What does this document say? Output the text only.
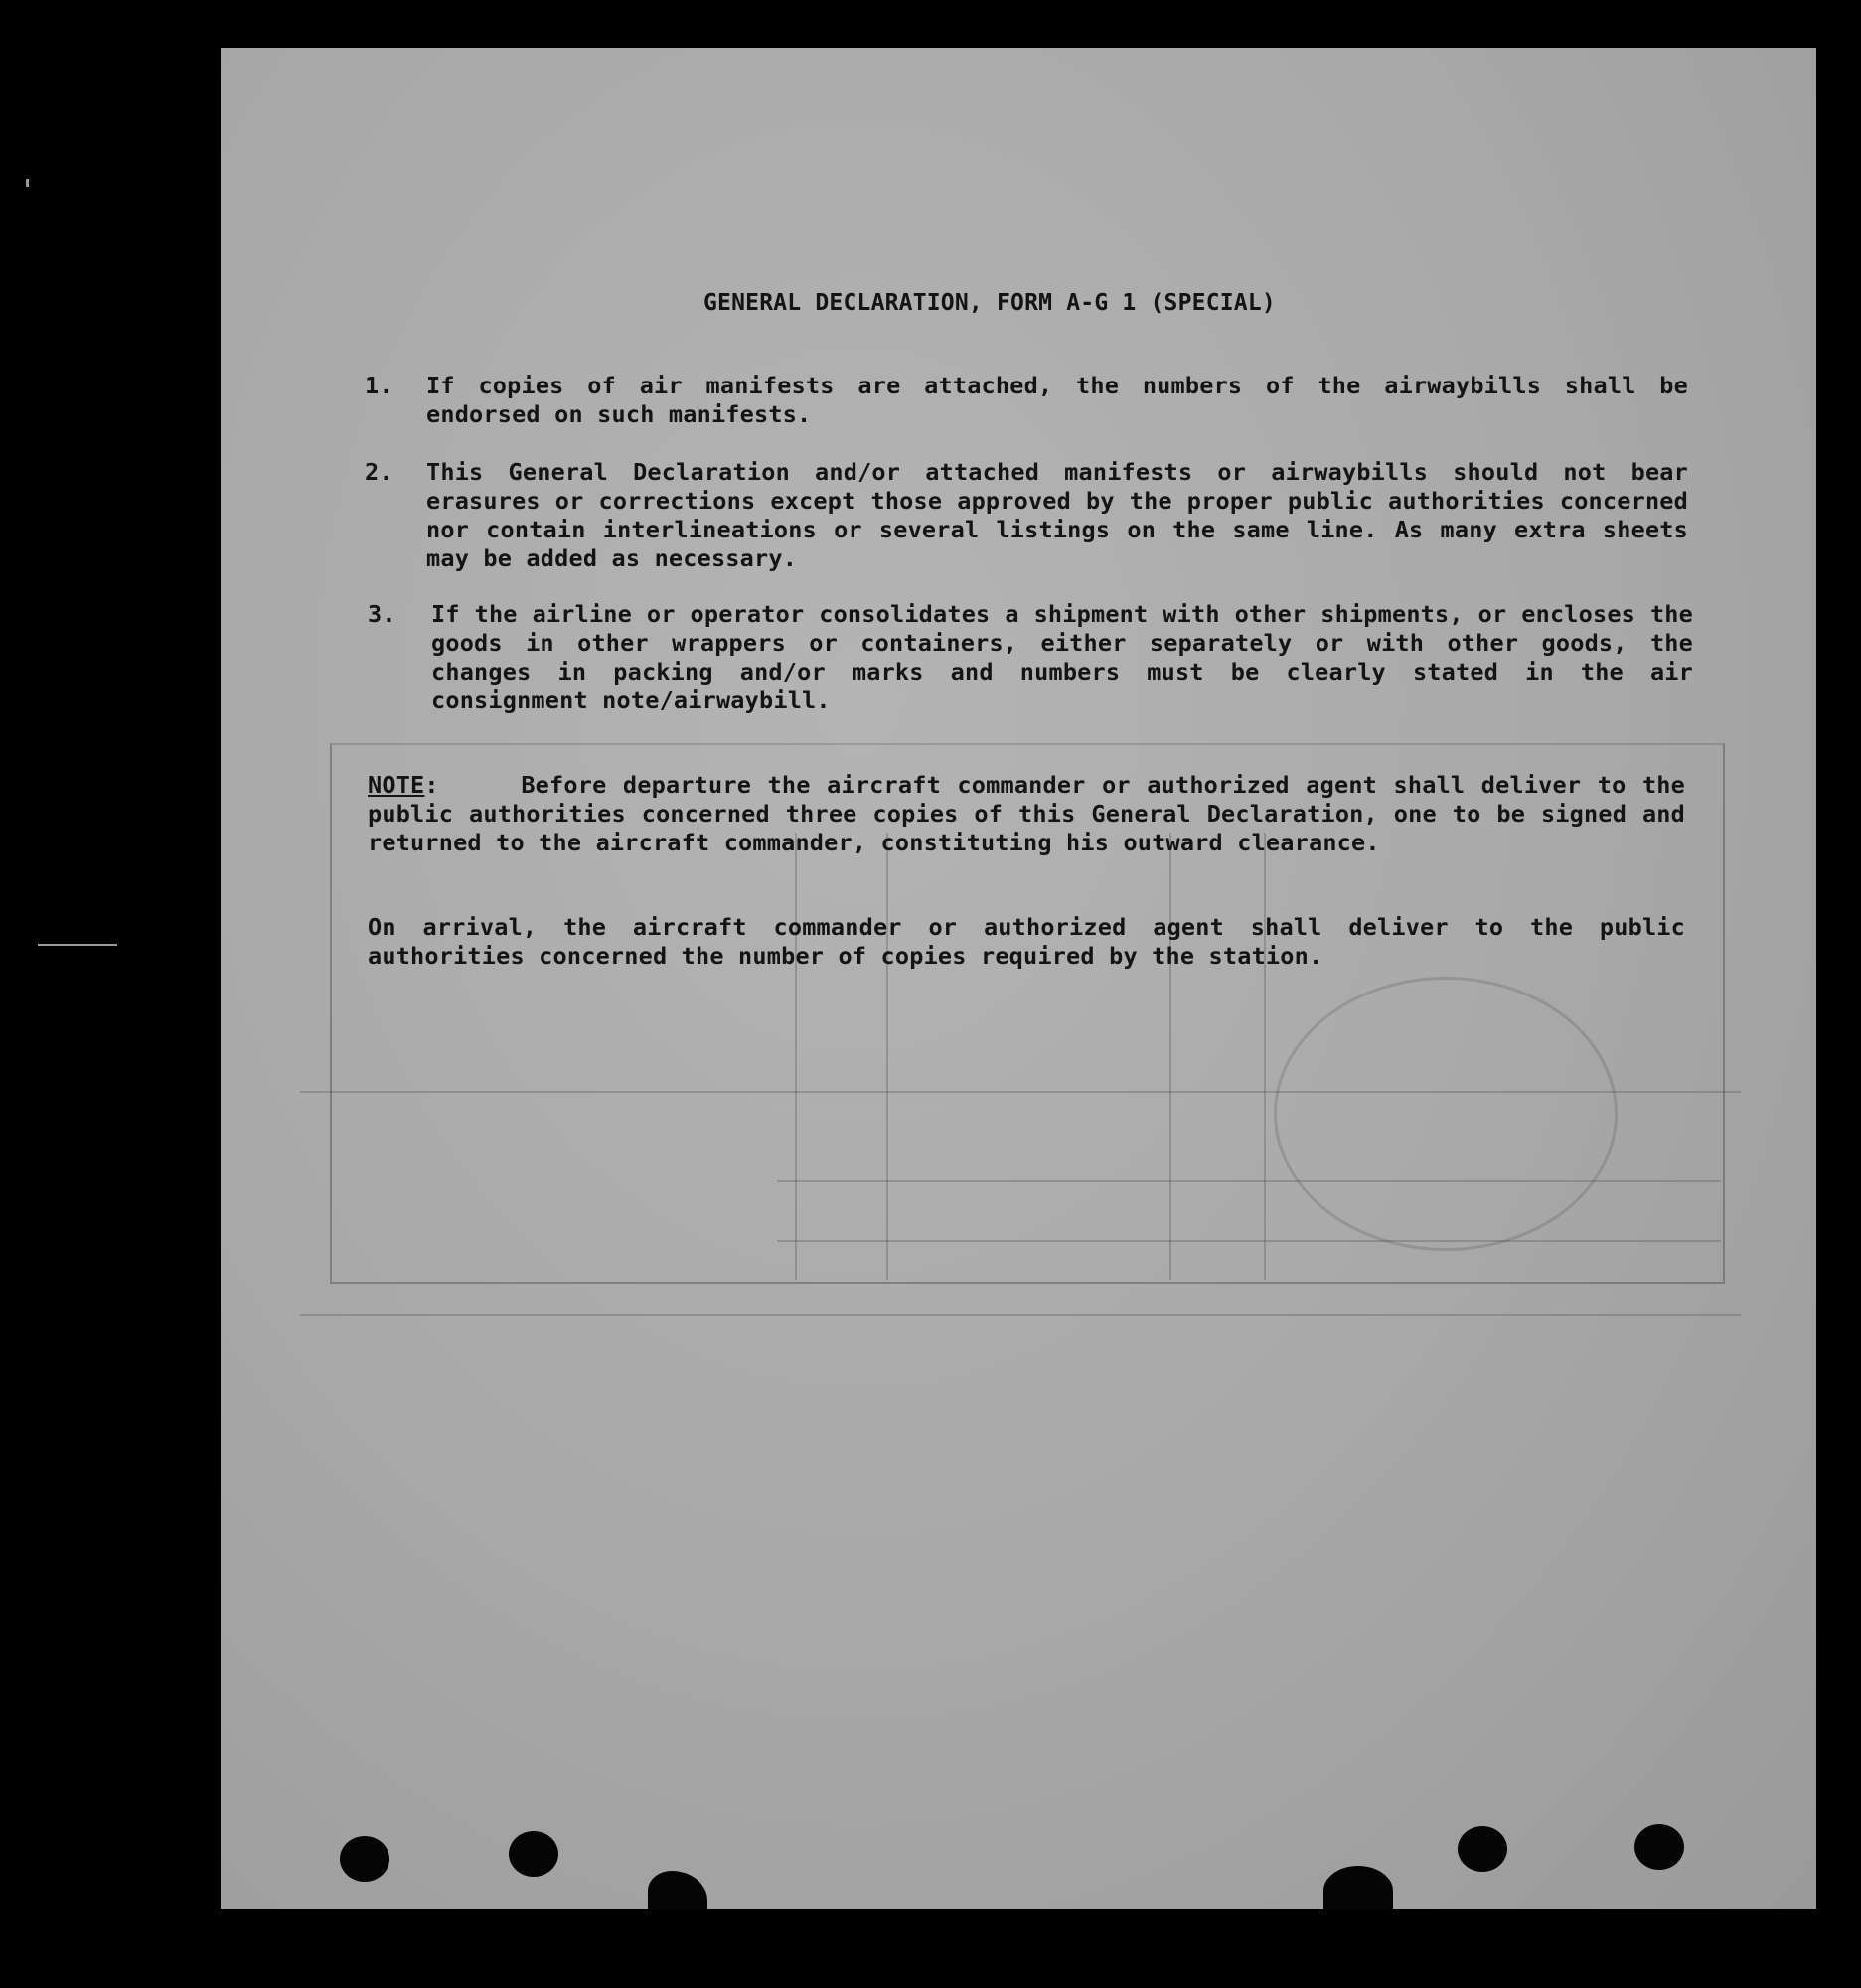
GENERAL DECLARATION, FORM A-G 1 (SPECIAL)
1. If copies of air manifests are attached, the numbers of the airwaybills shall be endorsed on such manifests.
2. This General Declaration and/or attached manifests or airwaybills should not bear erasures or corrections except those approved by the proper public authorities concerned nor contain interlineations or several listings on the same line. As many extra sheets may be added as necessary.
3. If the airline or operator consolidates a shipment with other shipments, or encloses the goods in other wrappers or containers, either separately or with other goods, the changes in packing and/or marks and numbers must be clearly stated in the air consignment note/airwaybill.
NOTE:     Before departure the aircraft commander or authorized agent shall deliver to the public authorities concerned three copies of this General Declaration, one to be signed and returned to the aircraft commander, constituting his outward clearance.
On arrival, the aircraft commander or authorized agent shall deliver to the public authorities concerned the number of copies required by the station.
